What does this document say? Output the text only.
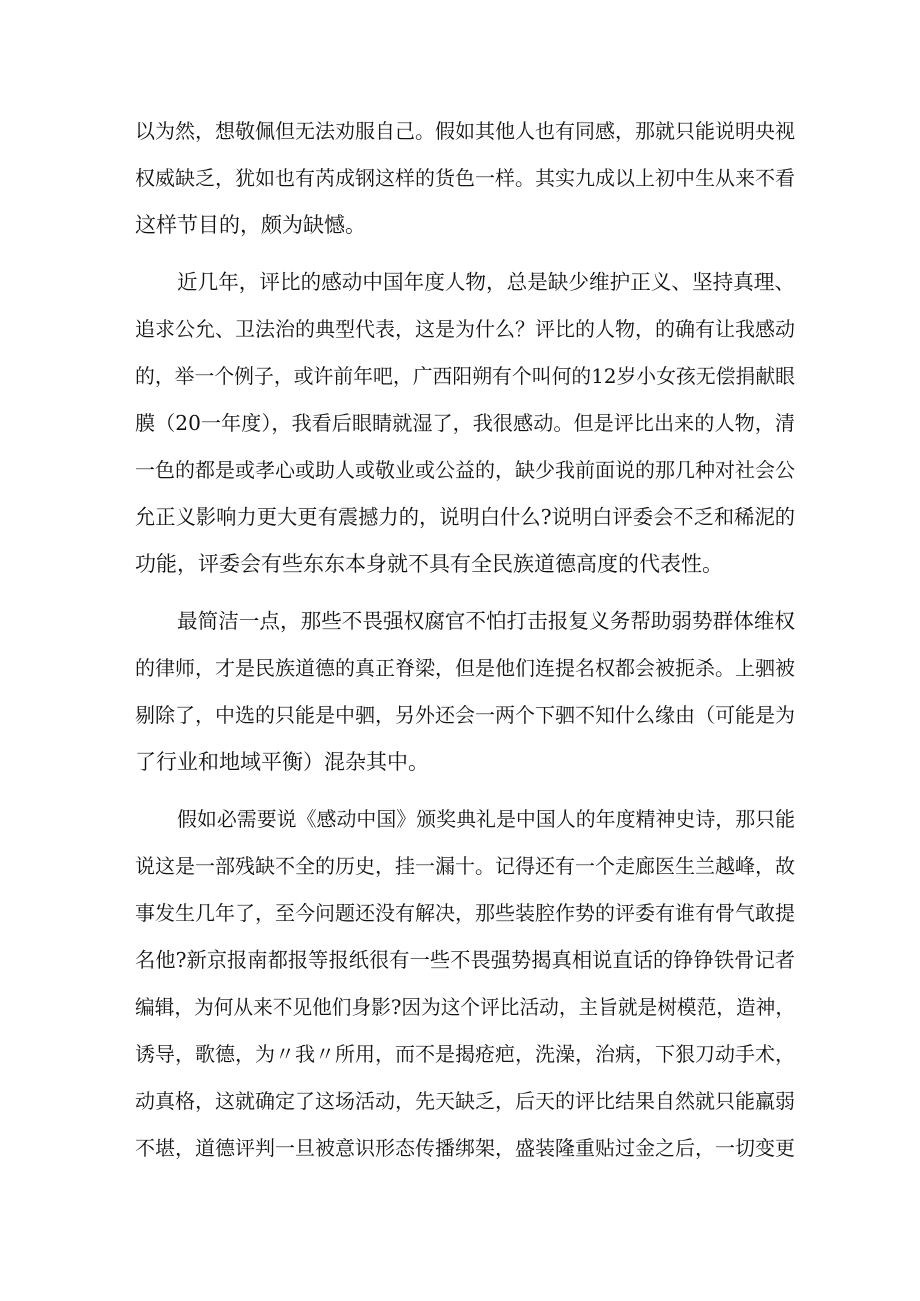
以为然，想敬佩但无法劝服自己。假如其他人也有同感，那就只能说明央视

权威缺乏，犹如也有芮成钢这样的货色一样。其实九成以上初中生从来不看

这样节目的，颇为缺憾。

近几年，评比的感动中国年度人物，总是缺少维护正义、坚持真理、

追求公允、卫法治的典型代表，这是为什么？评比的人物，的确有让我感动

的，举一个例子，或许前年吧，广西阳朔有个叫何的12岁小女孩无偿捐献眼

膜（20一年度），我看后眼睛就湿了，我很感动。但是评比出来的人物，清

一色的都是或孝心或助人或敬业或公益的，缺少我前面说的那几种对社会公

允正义影响力更大更有震撼力的，说明白什么?说明白评委会不乏和稀泥的

功能，评委会有些东东本身就不具有全民族道德高度的代表性。

最简洁一点，那些不畏强权腐官不怕打击报复义务帮助弱势群体维权

的律师，才是民族道德的真正脊梁，但是他们连提名权都会被扼杀。上驷被

剔除了，中选的只能是中驷，另外还会一两个下驷不知什么缘由（可能是为

了行业和地域平衡）混杂其中。

假如必需要说《感动中国》颁奖典礼是中国人的年度精神史诗，那只能

说这是一部残缺不全的历史，挂一漏十。记得还有一个走廊医生兰越峰，故

事发生几年了，至今问题还没有解决，那些装腔作势的评委有谁有骨气敢提

名他?新京报南都报等报纸很有一些不畏强势揭真相说直话的铮铮铁骨记者

编辑，为何从来不见他们身影?因为这个评比活动，主旨就是树模范，造神，

诱导，歌德，为〃我〃所用，而不是揭疮疤，洗澡，治病，下狠刀动手术，

动真格，这就确定了这场活动，先天缺乏，后天的评比结果自然就只能羸弱

不堪，道德评判一旦被意识形态传播绑架，盛装隆重贴过金之后，一切变更
